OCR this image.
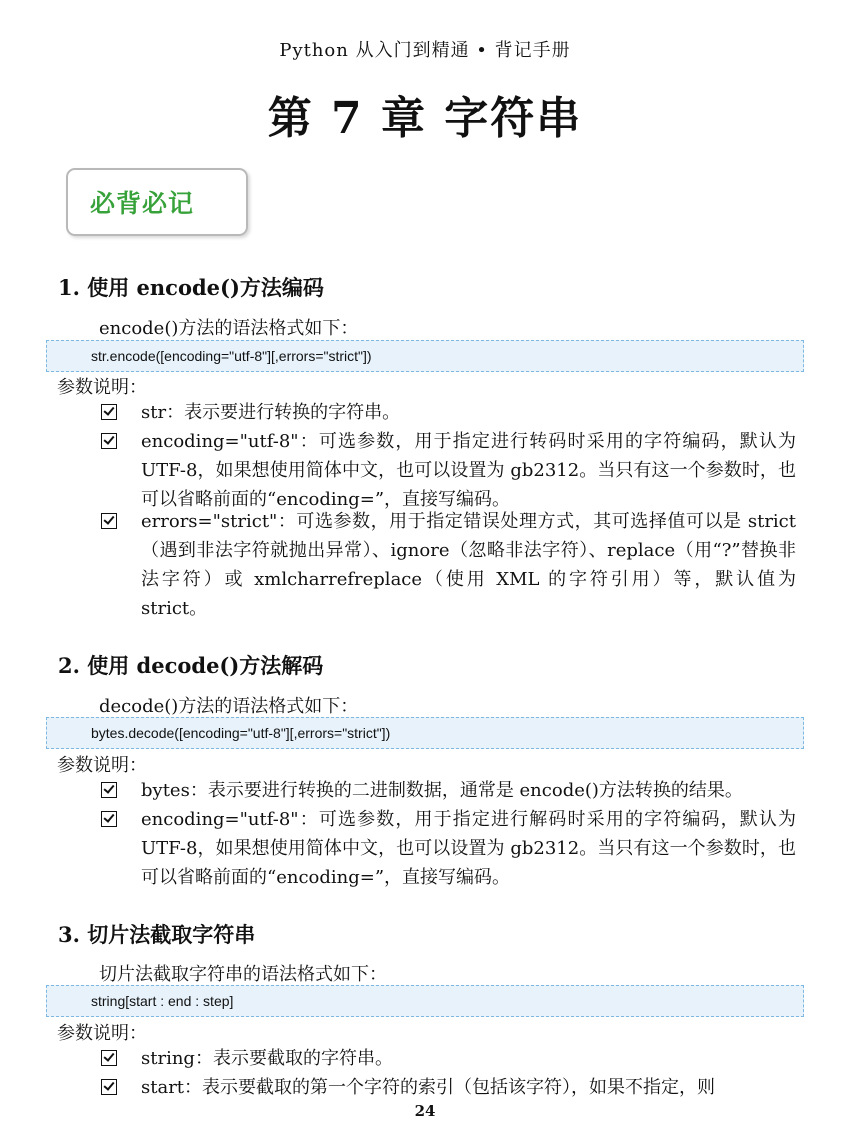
Python 从入门到精通 • 背记手册
第 7 章 字符串
必背必记
1. 使用 encode()方法编码
encode()方法的语法格式如下：
str.encode([encoding="utf-8"][,errors="strict"])
参数说明：
str：表示要进行转换的字符串。
encoding="utf-8"：可选参数，用于指定进行转码时采用的字符编码，默认为 UTF-8，如果想使用简体中文，也可以设置为 gb2312。当只有这一个参数时，也可以省略前面的“encoding=”，直接写编码。
errors="strict"：可选参数，用于指定错误处理方式，其可选择值可以是 strict（遇到非法字符就抛出异常）、ignore（忽略非法字符）、replace（用“?”替换非法字符）或 xmlcharrefreplace（使用 XML 的字符引用）等，默认值为 strict。
2. 使用 decode()方法解码
decode()方法的语法格式如下：
bytes.decode([encoding="utf-8"][,errors="strict"])
参数说明：
bytes：表示要进行转换的二进制数据，通常是 encode()方法转换的结果。
encoding="utf-8"：可选参数，用于指定进行解码时采用的字符编码，默认为 UTF-8，如果想使用简体中文，也可以设置为 gb2312。当只有这一个参数时，也可以省略前面的“encoding=”，直接写编码。
3. 切片法截取字符串
切片法截取字符串的语法格式如下：
string[start : end : step]
参数说明：
string：表示要截取的字符串。
start：表示要截取的第一个字符的索引（包括该字符），如果不指定，则
24
